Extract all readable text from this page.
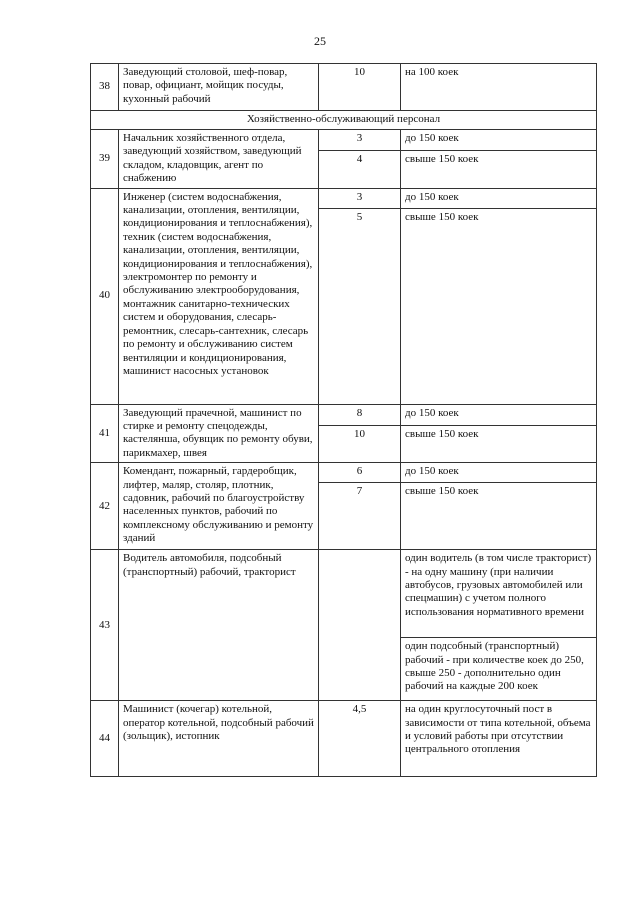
25
38	Заведующий столовой, шеф-повар, повар, официант, мойщик посуды, кухонный рабочий	10	на 100 коек
Хозяйственно-обслуживающий персонал			
39	Начальник хозяйственного отдела, заведующий хозяйством, заведующий складом, кладовщик, агент по снабжению	3	до 150 коек
		4	свыше 150 коек
40	Инженер (систем водоснабжения, канализации, отопления, вентиляции, кондиционирования и теплоснабжения), техник (систем водоснабжения, канализации, отопления, вентиляции, кондиционирования и теплоснабжения), электромонтер по ремонту и обслуживанию электрооборудования, монтажник санитарно-технических систем и оборудования, слесарь-ремонтник, слесарь-сантехник, слесарь по ремонту и обслуживанию систем вентиляции и кондиционирования, машинист насосных установок	3	до 150 коек
		5	свыше 150 коек
41	Заведующий прачечной, машинист по стирке и ремонту спецодежды, кастелянша, обувщик по ремонту обуви, парикмахер, швея	8	до 150 коек
		10	свыше 150 коек
42	Комендант, пожарный, гардеробщик, лифтер, маляр, столяр, плотник, садовник, рабочий по благоустройству населенных пунктов, рабочий по комплексному обслуживанию и ремонту зданий	6	до 150 коек
		7	свыше 150 коек
43	Водитель автомобиля, подсобный (транспортный) рабочий, тракторист		один водитель (в том числе тракторист) - на одну машину (при наличии автобусов, грузовых автомобилей или спецмашин) с учетом полного использования нормативного времени
			один подсобный (транспортный) рабочий - при количестве коек до 250, свыше 250 - дополнительно один рабочий на каждые 200 коек
44	Машинист (кочегар) котельной, оператор котельной, подсобный рабочий (зольщик), истопник	4,5	на один круглосуточный пост в зависимости от типа котельной, объема и условий работы при отсутствии центрального отопления
